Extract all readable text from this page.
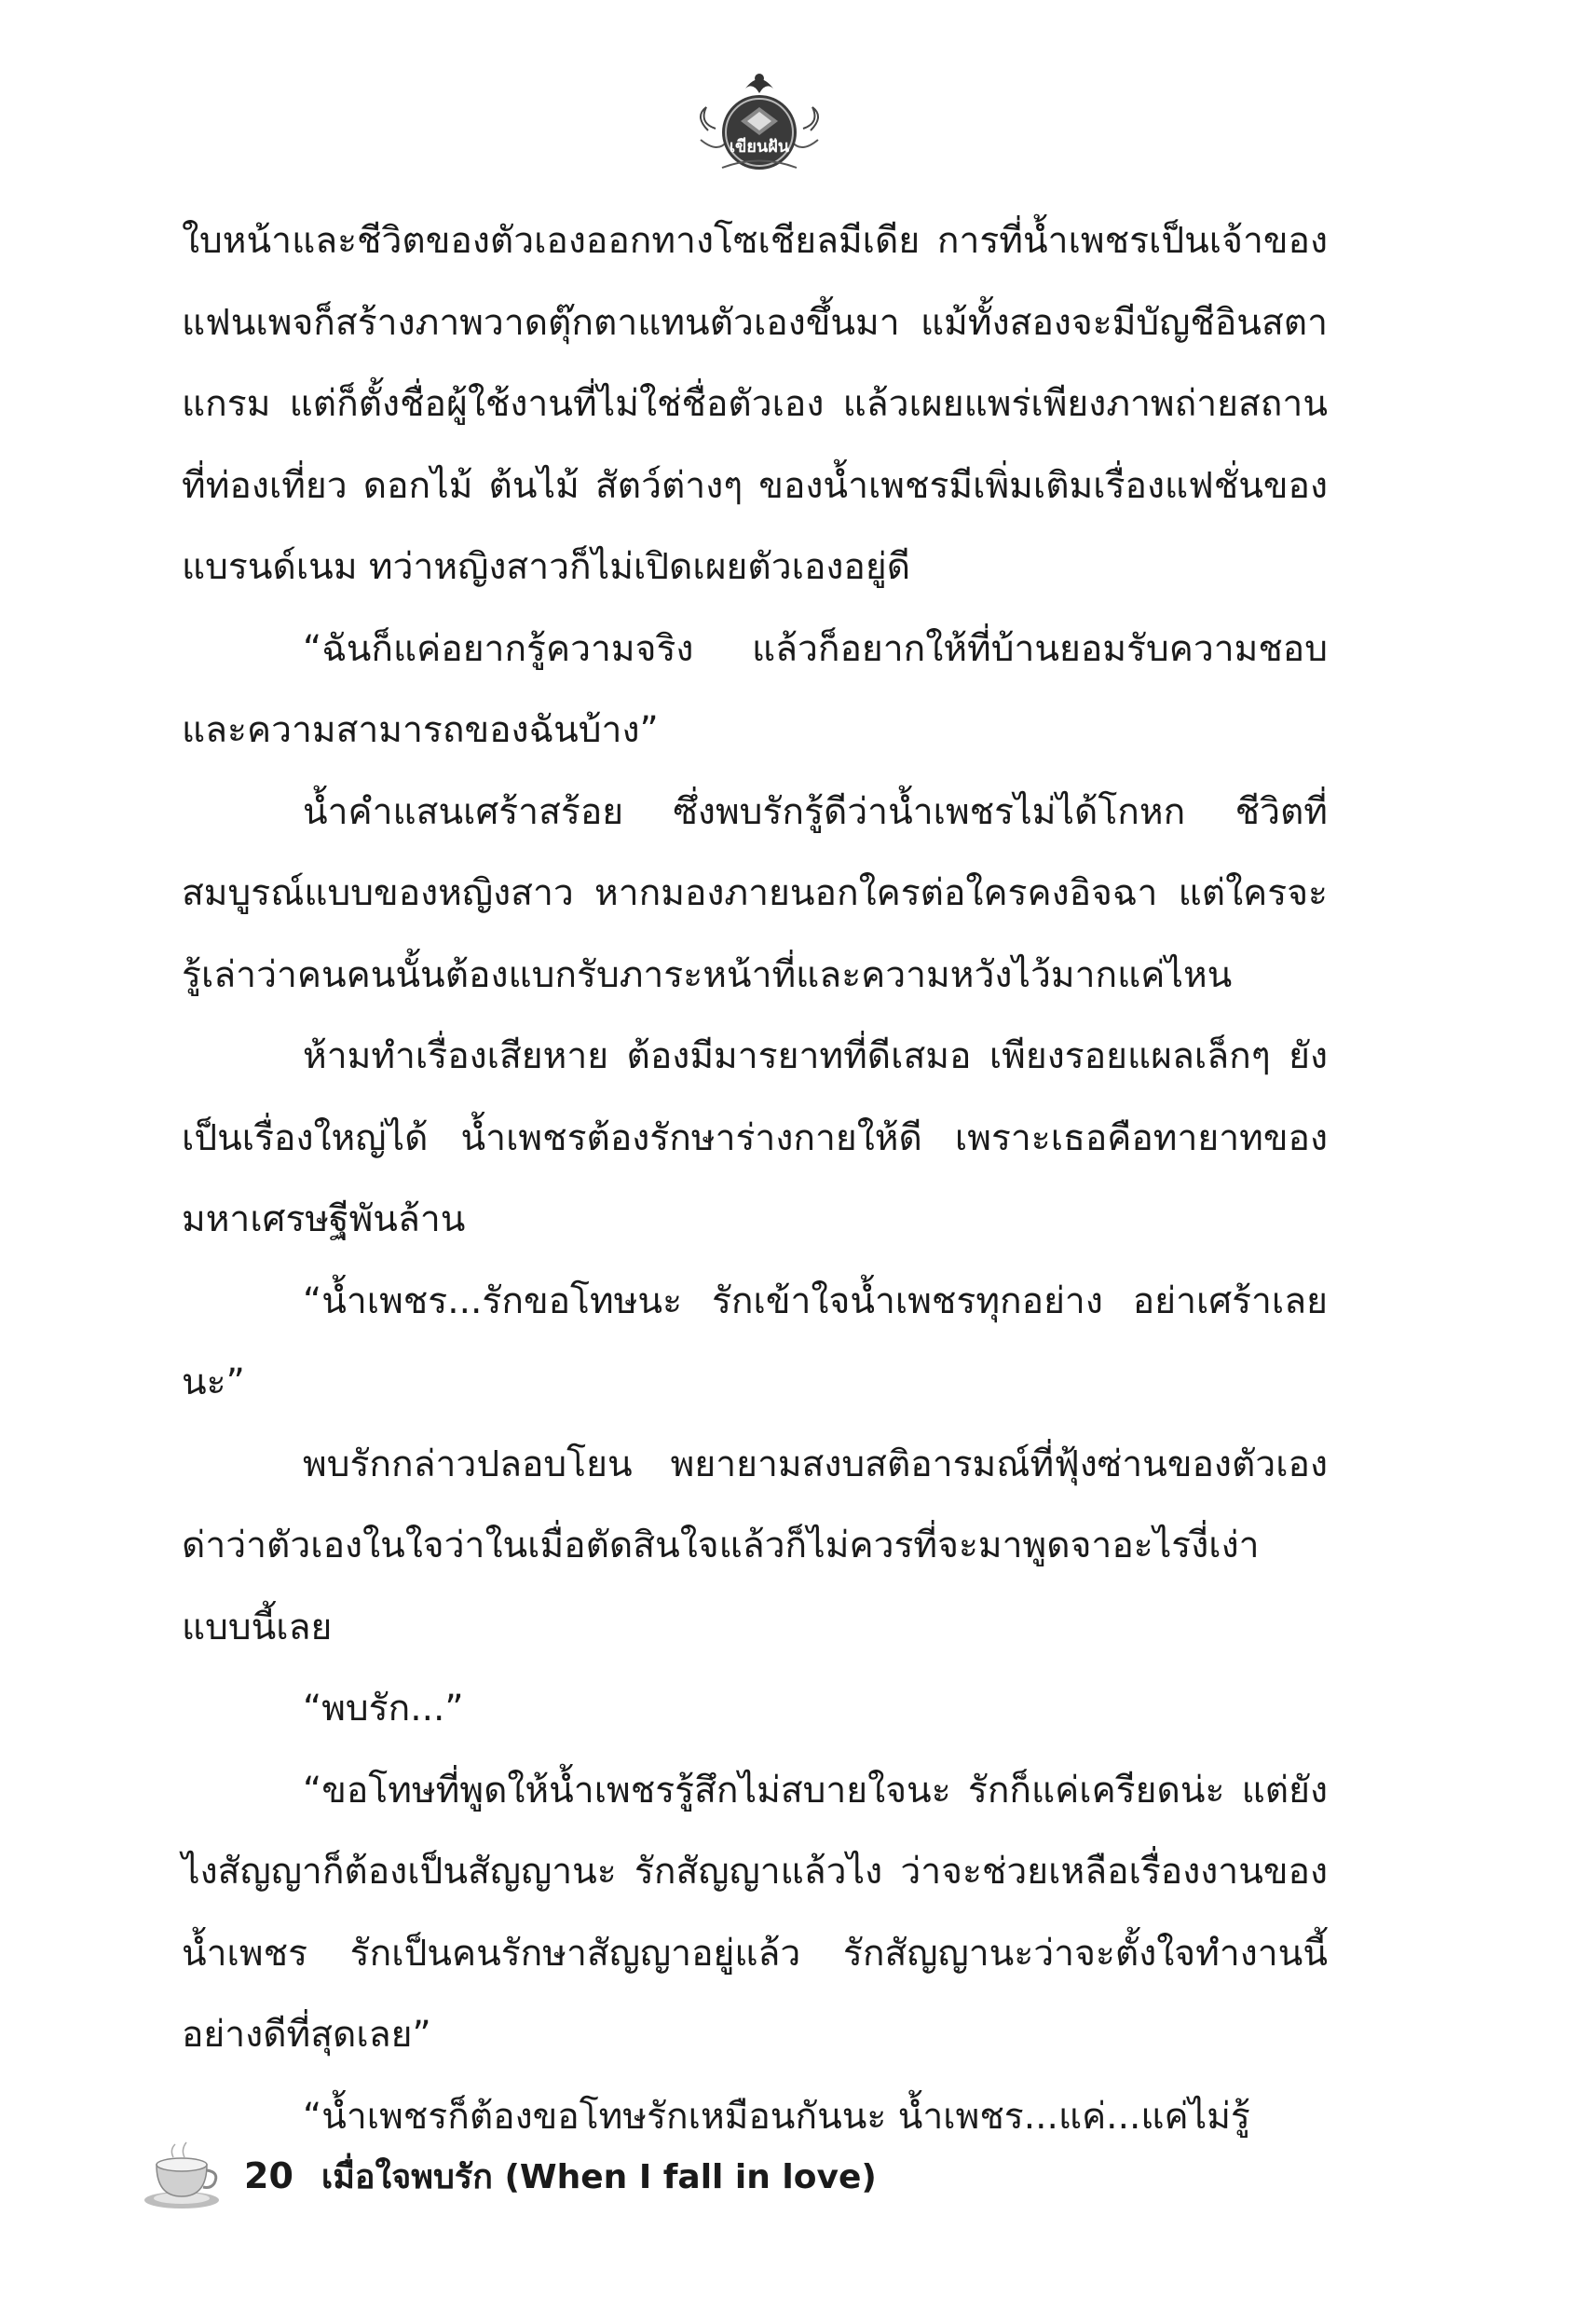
เขียนฝัน

ใบหน้าและชีวิตของตัวเองออกทางโซเชียลมีเดีย การที่น้ำเพชรเป็นเจ้าของแฟนเพจก็สร้างภาพวาดตุ๊กตาแทนตัวเองขึ้นมา แม้ทั้งสองจะมีบัญชีอินสตาแกรม แต่ก็ตั้งชื่อผู้ใช้งานที่ไม่ใช่ชื่อตัวเอง แล้วเผยแพร่เพียงภาพถ่ายสถานที่ท่องเที่ยว ดอกไม้ ต้นไม้ สัตว์ต่างๆ ของน้ำเพชรมีเพิ่มเติมเรื่องแฟชั่นของแบรนด์เนม ทว่าหญิงสาวก็ไม่เปิดเผยตัวเองอยู่ดี

“ฉันก็แค่อยากรู้ความจริง แล้วก็อยากให้ที่บ้านยอมรับความชอบและความสามารถของฉันบ้าง”

น้ำคำแสนเศร้าสร้อย ซึ่งพบรักรู้ดีว่าน้ำเพชรไม่ได้โกหก ชีวิตที่สมบูรณ์แบบของหญิงสาว หากมองภายนอกใครต่อใครคงอิจฉา แต่ใครจะรู้เล่าว่าคนคนนั้นต้องแบกรับภาระหน้าที่และความหวังไว้มากแค่ไหน

ห้ามทำเรื่องเสียหาย ต้องมีมารยาทที่ดีเสมอ เพียงรอยแผลเล็กๆ ยังเป็นเรื่องใหญ่ได้ น้ำเพชรต้องรักษาร่างกายให้ดี เพราะเธอคือทายาทของมหาเศรษฐีพันล้าน

“น้ำเพชร...รักขอโทษนะ รักเข้าใจน้ำเพชรทุกอย่าง อย่าเศร้าเลยนะ”

พบรักกล่าวปลอบโยน พยายามสงบสติอารมณ์ที่ฟุ้งซ่านของตัวเอง ด่าว่าตัวเองในใจว่าในเมื่อตัดสินใจแล้วก็ไม่ควรที่จะมาพูดจาอะไรงี่เง่าแบบนี้เลย

“พบรัก...”

“ขอโทษที่พูดให้น้ำเพชรรู้สึกไม่สบายใจนะ รักก็แค่เครียดน่ะ แต่ยังไงสัญญาก็ต้องเป็นสัญญานะ รักสัญญาแล้วไง ว่าจะช่วยเหลือเรื่องงานของน้ำเพชร รักเป็นคนรักษาสัญญาอยู่แล้ว รักสัญญานะว่าจะตั้งใจทำงานนี้อย่างดีที่สุดเลย”

“น้ำเพชรก็ต้องขอโทษรักเหมือนกันนะ น้ำเพชร...แค่...แค่ไม่รู้

20 เมื่อใจพบรัก (When I fall in love)
